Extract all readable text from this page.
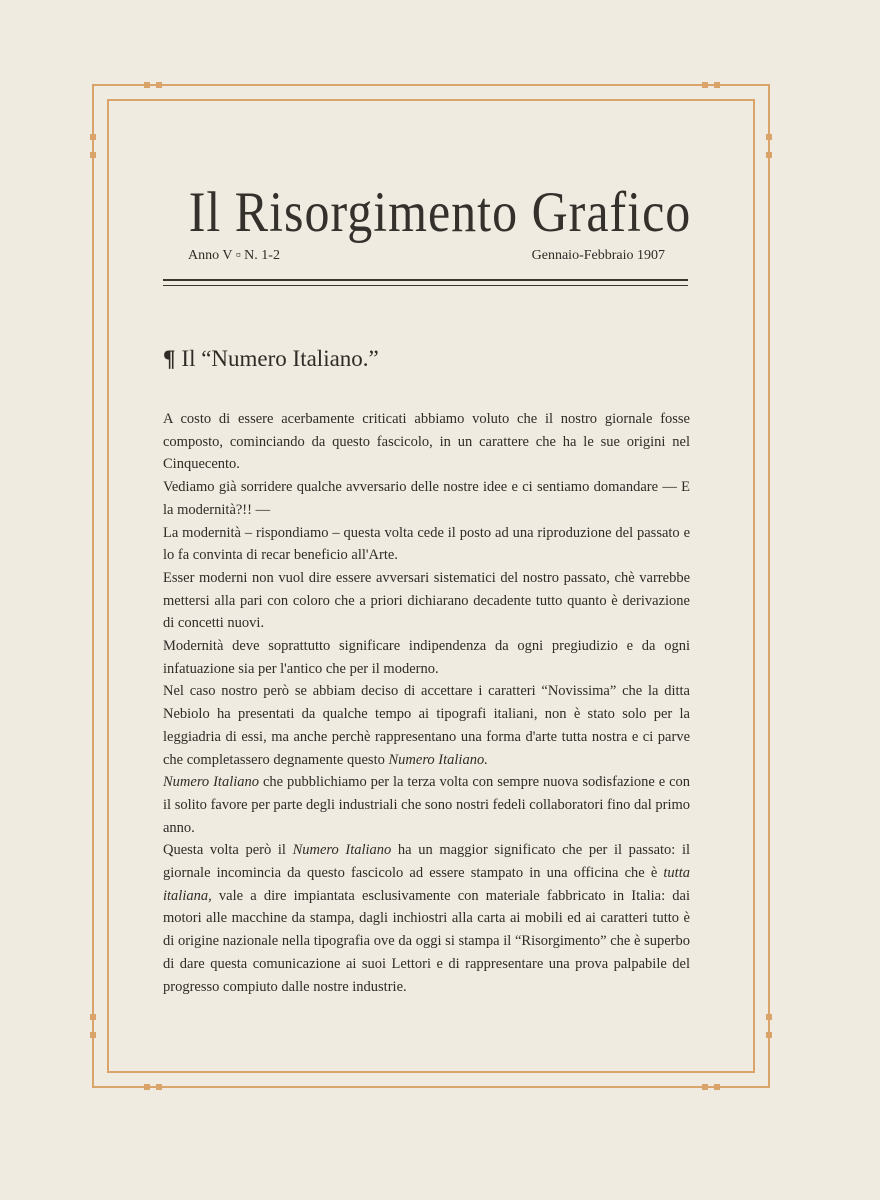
Il Risorgimento Grafico
Anno V ▫ N. 1-2	Gennaio-Febbraio 1907
¶ Il “Numero Italiano.”

A costo di essere acerbamente criticati abbiamo voluto che il nostro giornale fosse composto, cominciando da questo fascicolo, in un carattere che ha le sue origini nel Cinquecento.

Vediamo già sorridere qualche avversario delle nostre idee e ci sentiamo domandare — E la modernità?!! —

La modernità – rispondiamo – questa volta cede il posto ad una riproduzione del passato e lo fa convinta di recar beneficio all'Arte.

Esser moderni non vuol dire essere avversari sistematici del nostro passato, chè varrebbe mettersi alla pari con coloro che a priori dichiarano decadente tutto quanto è derivazione di concetti nuovi.

Modernità deve soprattutto significare indipendenza da ogni pregiudizio e da ogni infatuazione sia per l'antico che per il moderno.

Nel caso nostro però se abbiam deciso di accettare i caratteri “Novissima” che la ditta Nebiolo ha presentati da qualche tempo ai tipografi italiani, non è stato solo per la leggiadria di essi, ma anche perchè rappresentano una forma d'arte tutta nostra e ci parve che completassero degnamente questo Numero Italiano.

Numero Italiano che pubblichiamo per la terza volta con sempre nuova sodisfazione e con il solito favore per parte degli industriali che sono nostri fedeli collaboratori fino dal primo anno.

Questa volta però il Numero Italiano ha un maggior significato che per il passato: il giornale incomincia da questo fascicolo ad essere stampato in una officina che è tutta italiana, vale a dire impiantata esclusivamente con materiale fabbricato in Italia: dai motori alle macchine da stampa, dagli inchiostri alla carta ai mobili ed ai caratteri tutto è di origine nazionale nella tipografia ove da oggi si stampa il “Risorgimento” che è superbo di dare questa comunicazione ai suoi Lettori e di rappresentare una prova palpabile del progresso compiuto dalle nostre industrie.
